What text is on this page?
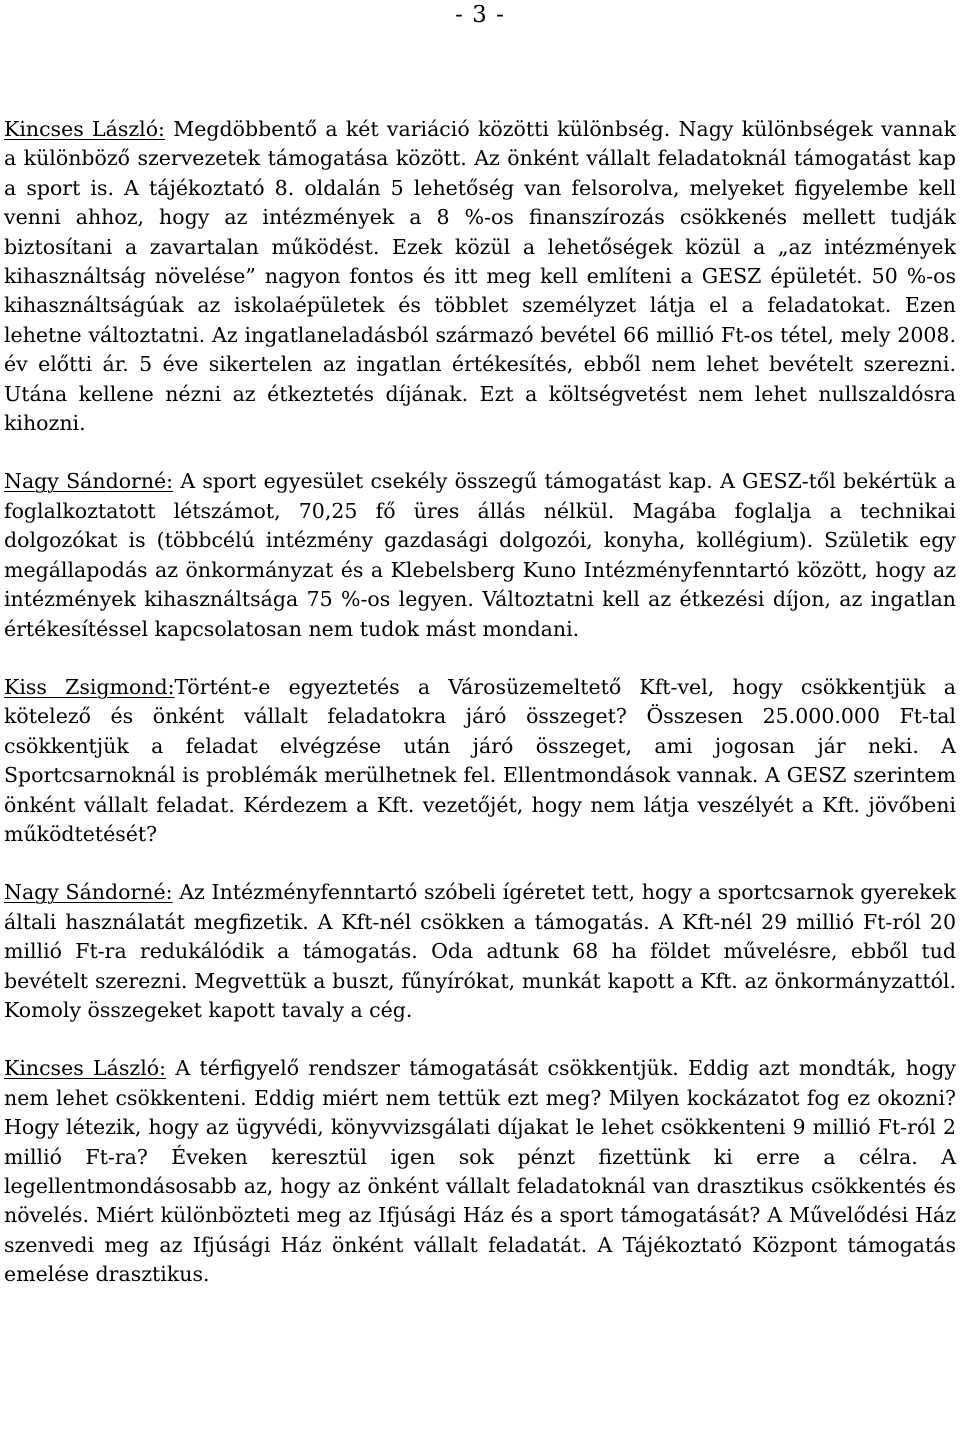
- 3 -

Kincses László: Megdöbbentő a két variáció közötti különbség. Nagy különbségek vannak a különböző szervezetek támogatása között. Az önként vállalt feladatoknál támogatást kap a sport is. A tájékoztató 8. oldalán 5 lehetőség van felsorolva, melyeket figyelembe kell venni ahhoz, hogy az intézmények a 8 %-os finanszírozás csökkenés mellett tudják biztosítani a zavartalan működést. Ezek közül a lehetőségek közül a „az intézmények kihasználtság növelése” nagyon fontos és itt meg kell említeni a GESZ épületét. 50 %-os kihasználtságúak az iskolaépületek és többlet személyzet látja el a feladatokat. Ezen lehetne változtatni. Az ingatlaneladásból származó bevétel 66 millió Ft-os tétel, mely 2008. év előtti ár. 5 éve sikertelen az ingatlan értékesítés, ebből nem lehet bevételt szerezni. Utána kellene nézni az étkeztetés díjának. Ezt a költségvetést nem lehet nullszaldósra kihozni.

Nagy Sándorné: A sport egyesület csekély összegű támogatást kap. A GESZ-től bekértük a foglalkoztatott létszámot, 70,25 fő üres állás nélkül. Magába foglalja a technikai dolgozókat is (többcélú intézmény gazdasági dolgozói, konyha, kollégium). Születik egy megállapodás az önkormányzat és a Klebelsberg Kuno Intézményfenntartó között, hogy az intézmények kihasználtsága 75 %-os legyen. Változtatni kell az étkezési díjon, az ingatlan értékesítéssel kapcsolatosan nem tudok mást mondani.

Kiss Zsigmond:Történt-e egyeztetés a Városüzemeltető Kft-vel, hogy csökkentjük a kötelező és önként vállalt feladatokra járó összeget? Összesen 25.000.000 Ft-tal csökkentjük a feladat elvégzése után járó összeget, ami jogosan jár neki. A Sportcsarnoknál is problémák merülhetnek fel. Ellentmondások vannak. A GESZ szerintem önként vállalt feladat. Kérdezem a Kft. vezetőjét, hogy nem látja veszélyét a Kft. jövőbeni működtetését?

Nagy Sándorné: Az Intézményfenntartó szóbeli ígéretet tett, hogy a sportcsarnok gyerekek általi használatát megfizetik. A Kft-nél csökken a támogatás. A Kft-nél 29 millió Ft-ról 20 millió Ft-ra redukálódik a támogatás. Oda adtunk 68 ha földet művelésre, ebből tud bevételt szerezni. Megvettük a buszt, fűnyírókat, munkát kapott a Kft. az önkormányzattól. Komoly összegeket kapott tavaly a cég.

Kincses László: A térfigyelő rendszer támogatását csökkentjük. Eddig azt mondták, hogy nem lehet csökkenteni. Eddig miért nem tettük ezt meg? Milyen kockázatot fog ez okozni? Hogy létezik, hogy az ügyvédi, könyvvizsgálati díjakat le lehet csökkenteni 9 millió Ft-ról 2 millió Ft-ra? Éveken keresztül igen sok pénzt fizettünk ki erre a célra. A legellentmondásosabb az, hogy az önként vállalt feladatoknál van drasztikus csökkentés és növelés. Miért különbözteti meg az Ifjúsági Ház és a sport támogatását? A Művelődési Ház szenvedi meg az Ifjúsági Ház önként vállalt feladatát. A Tájékoztató Központ támogatás emelése drasztikus.
